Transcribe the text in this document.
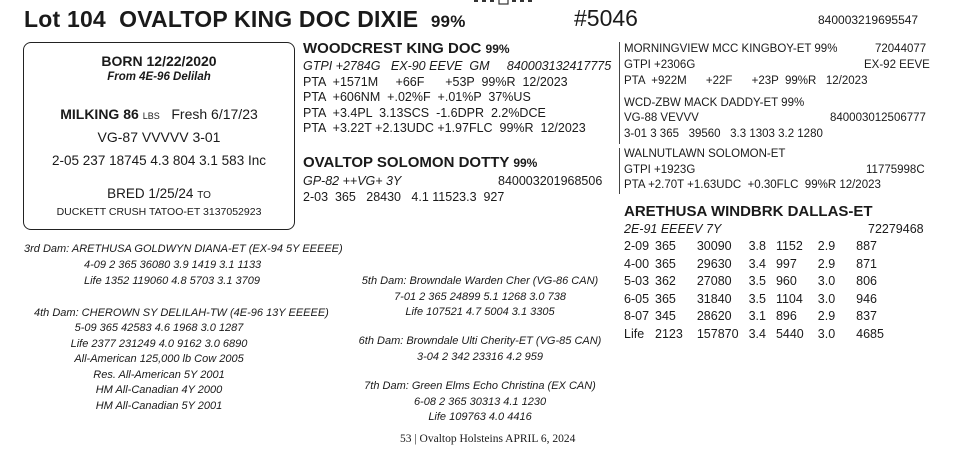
Lot 104 OVALTOP KING DOC DIXIE 99%	#5046	840003219695547
BORN 12/22/2020
From 4E-96 Delilah
MILKING 86 LBS Fresh 6/17/23
VG-87 VVVVV 3-01
2-05 237 18745 4.3 804 3.1 583 Inc
BRED 1/25/24 TO
DUCKETT CRUSH TATOO-ET 3137052923
WOODCREST KING DOC 99%
GTPI +2784G   EX-90 EEVE  GM     840003132417775
PTA  +1571M     +66F      +53P  99%R  12/2023
PTA  +606NM  +.02%F  +.01%P  37%US
PTA  +3.4PL  3.13SCS  -1.6DPR  2.2%DCE
PTA  +3.22T +2.13UDC +1.97FLC  99%R  12/2023
OVALTOP SOLOMON DOTTY 99%
GP-82 ++VG+ 3Y	840003201968506
2-03  365   28430   4.1 11523.3  927
MORNINGVIEW MCC KINGBOY-ET 99%	72044077
GTPI +2306G	EX-92 EEVE
PTA  +922M      +22F      +23P  99%R   12/2023
WCD-ZBW MACK DADDY-ET 99%
VG-88 VEVVV	840003012506777
3-01 3 365   39560   3.3 1303 3.2 1280
WALNUTLAWN SOLOMON-ET
GTPI +1923G	11775998C
PTA +2.70T +1.63UDC  +0.30FLC  99%R 12/2023
ARETHUSA WINDBRK DALLAS-ET
2E-91 EEEEV 7Y	72279468
2-09	365	30090	3.8	1152	2.9	887
4-00	365	29630	3.4	997	2.9	871
5-03	362	27080	3.5	960	3.0	806
6-05	365	31840	3.5	1104	3.0	946
8-07	345	28620	3.1	896	2.9	837
Life	2123	157870	3.4	5440	3.0	4685
3rd Dam: ARETHUSA GOLDWYN DIANA-ET (EX-94 5Y EEEEE)
4-09 2 365 36080 3.9 1419 3.1 1133
Life 1352 119060 4.8 5703 3.1 3709
4th Dam: CHEROWN SY DELILAH-TW (4E-96 13Y EEEEE)
5-09 365 42583 4.6 1968 3.0 1287
Life 2377 231249 4.0 9162 3.0 6890
All-American 125,000 lb Cow 2005
Res. All-American 5Y 2001
HM All-Canadian 4Y 2000
HM All-Canadian 5Y 2001
5th Dam: Browndale Warden Cher (VG-86 CAN)
7-01 2 365 24899 5.1 1268 3.0 738
Life 107521 4.7 5004 3.1 3305
6th Dam: Browndale Ulti Cherity-ET (VG-85 CAN)
3-04 2 342 23316 4.2 959
7th Dam: Green Elms Echo Christina (EX CAN)
6-08 2 365 30313 4.1 1230
Life 109763 4.0 4416
53 | Ovaltop Holsteins APRIL 6, 2024
